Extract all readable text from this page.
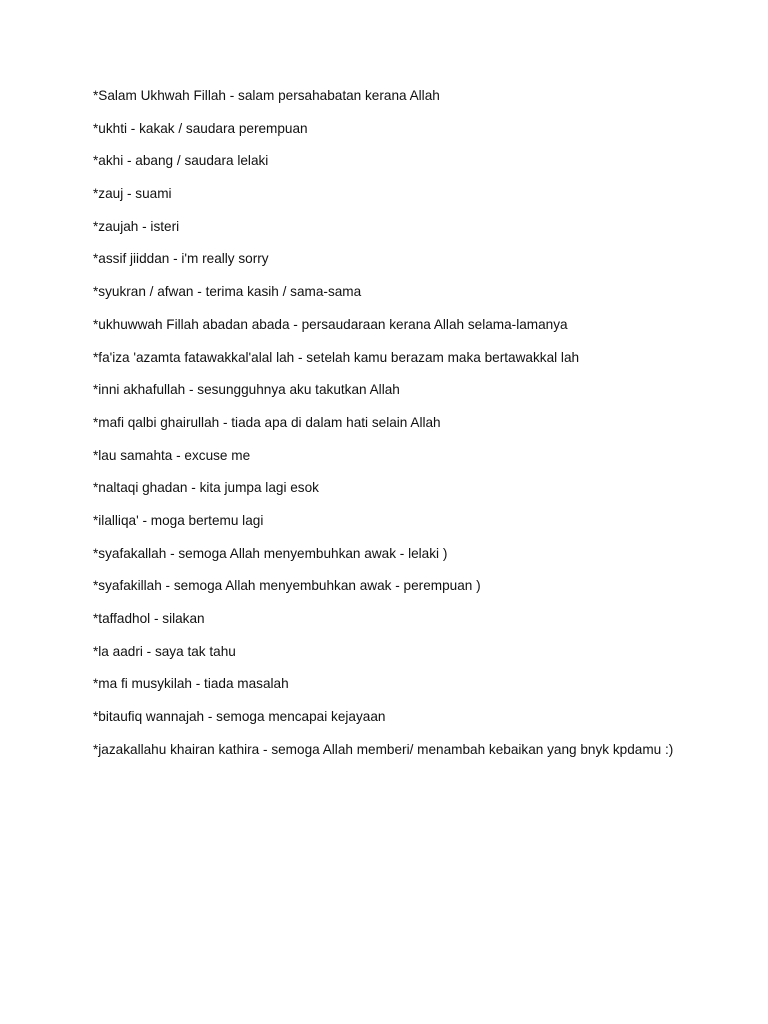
*Salam Ukhwah Fillah - salam persahabatan kerana Allah
*ukhti - kakak / saudara perempuan
*akhi - abang / saudara lelaki
*zauj - suami
*zaujah - isteri
*assif jiiddan - i'm really sorry
*syukran / afwan - terima kasih / sama-sama
*ukhuwwah Fillah abadan abada - persaudaraan kerana Allah selama-lamanya
*fa'iza 'azamta fatawakkal'alal lah - setelah kamu berazam maka bertawakkal lah
*inni akhafullah - sesungguhnya aku takutkan Allah
*mafi qalbi ghairullah - tiada apa di dalam hati selain Allah
*lau samahta - excuse me
*naltaqi ghadan - kita jumpa lagi esok
*ilalliqa' - moga bertemu lagi
*syafakallah - semoga Allah menyembuhkan awak - lelaki )
*syafakillah - semoga Allah menyembuhkan awak - perempuan )
*taffadhol - silakan
*la aadri - saya tak tahu
*ma fi musykilah - tiada masalah
*bitaufiq wannajah - semoga mencapai kejayaan
*jazakallahu khairan kathira - semoga Allah memberi/ menambah kebaikan yang bnyk kpdamu :)
